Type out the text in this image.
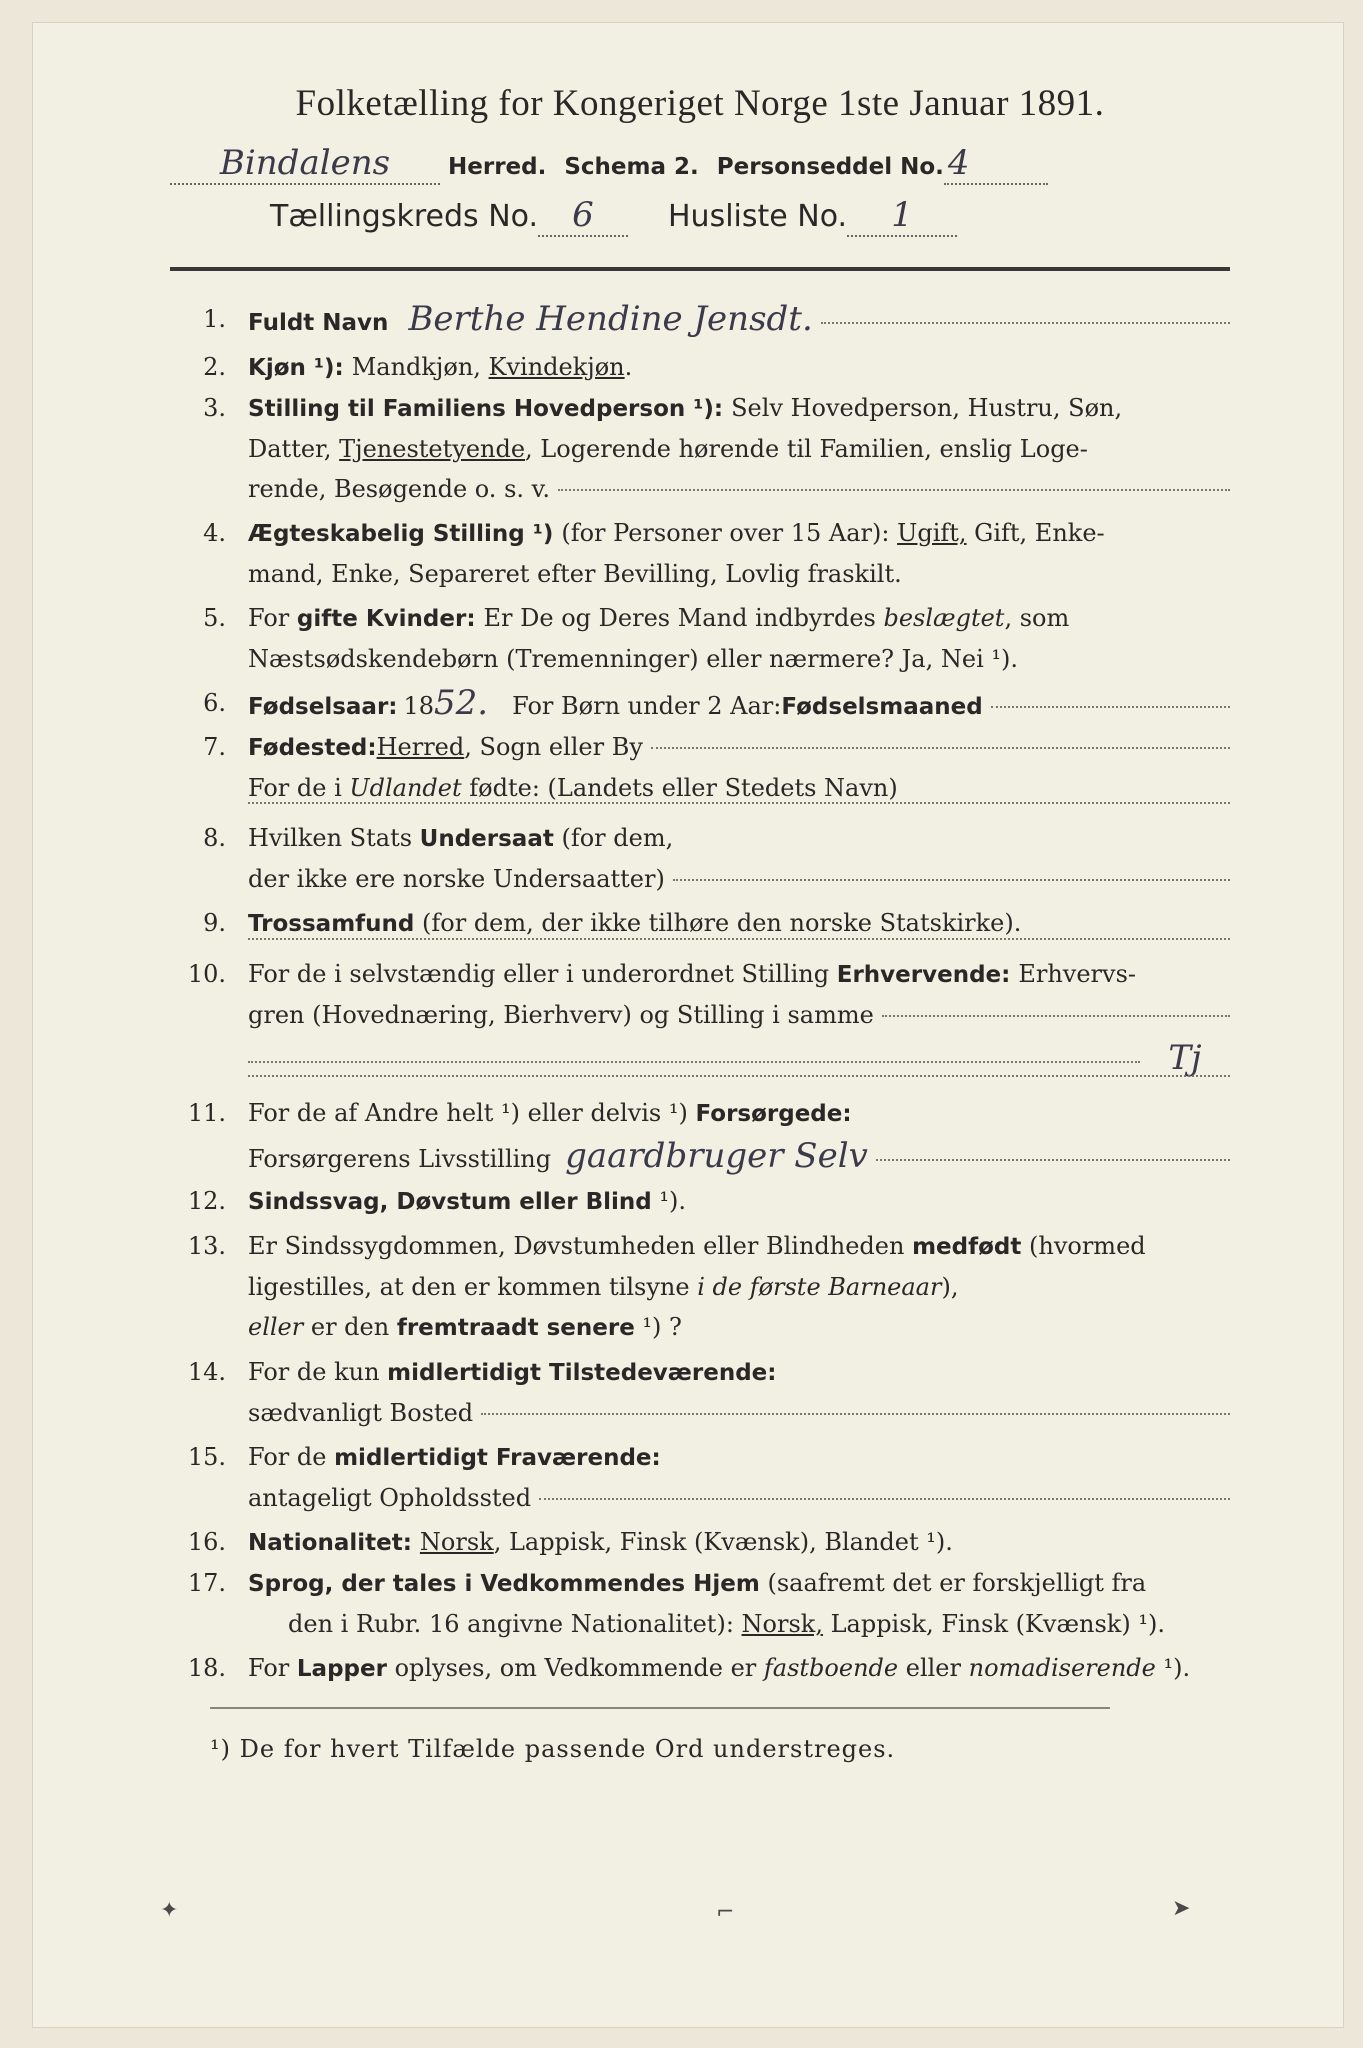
Folketælling for Kongeriget Norge 1ste Januar 1891.
Bindalens	Herred. Schema 2. Personseddel No. 4
Tællingskreds No.	6	Husliste No.	1
1. Fuldt Navn Berthe Hendine Jensdt.
2. Kjøn ¹): Mandkjøn, Kvindekjøn.
3. Stilling til Familiens Hovedperson ¹): Selv Hovedperson, Hustru, Søn,
Datter, Tjenestetyende, Logerende hørende til Familien, enslig Loge-
rende, Besøgende o. s. v.
4. Ægteskabelig Stilling ¹) (for Personer over 15 Aar): Ugift, Gift, Enke-
mand, Enke, Separeret efter Bevilling, Lovlig fraskilt.
5. For gifte Kvinder: Er De og Deres Mand indbyrdes beslægtet, som
Næstsødskendebørn (Tremenninger) eller nærmere? Ja, Nei ¹).
6. Fødselsaar: 18 52. For Børn under 2 Aar: Fødselsmaaned
7. Fødested: Herred , Sogn eller By
For de i Udlandet fødte: (Landets eller Stedets Navn)
8. Hvilken Stats Undersaat (for dem,
der ikke ere norske Undersaatter)
9. Trossamfund (for dem, der ikke tilhøre den norske Statskirke).
10. For de i selvstændig eller i underordnet Stilling Erhvervende: Erhvervs-
gren (Hovednæring, Bierhverv) og Stilling i samme
Tj
11. For de af Andre helt ¹) eller delvis ¹) Forsørgede:
Forsørgerens Livsstilling gaardbruger Selv
12. Sindssvag, Døvstum eller Blind ¹).
13. Er Sindssygdommen, Døvstumheden eller Blindheden medfødt (hvormed
ligestilles, at den er kommen tilsyne i de første Barneaar),
eller er den fremtraadt senere ¹) ?
14. For de kun midlertidigt Tilstedeværende:
sædvanligt Bosted
15. For de midlertidigt Fraværende:
antageligt Opholdssted
16. Nationalitet: Norsk, Lappisk, Finsk (Kvænsk), Blandet ¹).
17. Sprog, der tales i Vedkommendes Hjem (saafremt det er forskjelligt fra
den i Rubr. 16 angivne Nationalitet): Norsk, Lappisk, Finsk (Kvænsk) ¹).
18. For Lapper oplyses, om Vedkommende er fastboende eller nomadiserende ¹).
¹) De for hvert Tilfælde passende Ord understreges.
✦	⌐	➤
